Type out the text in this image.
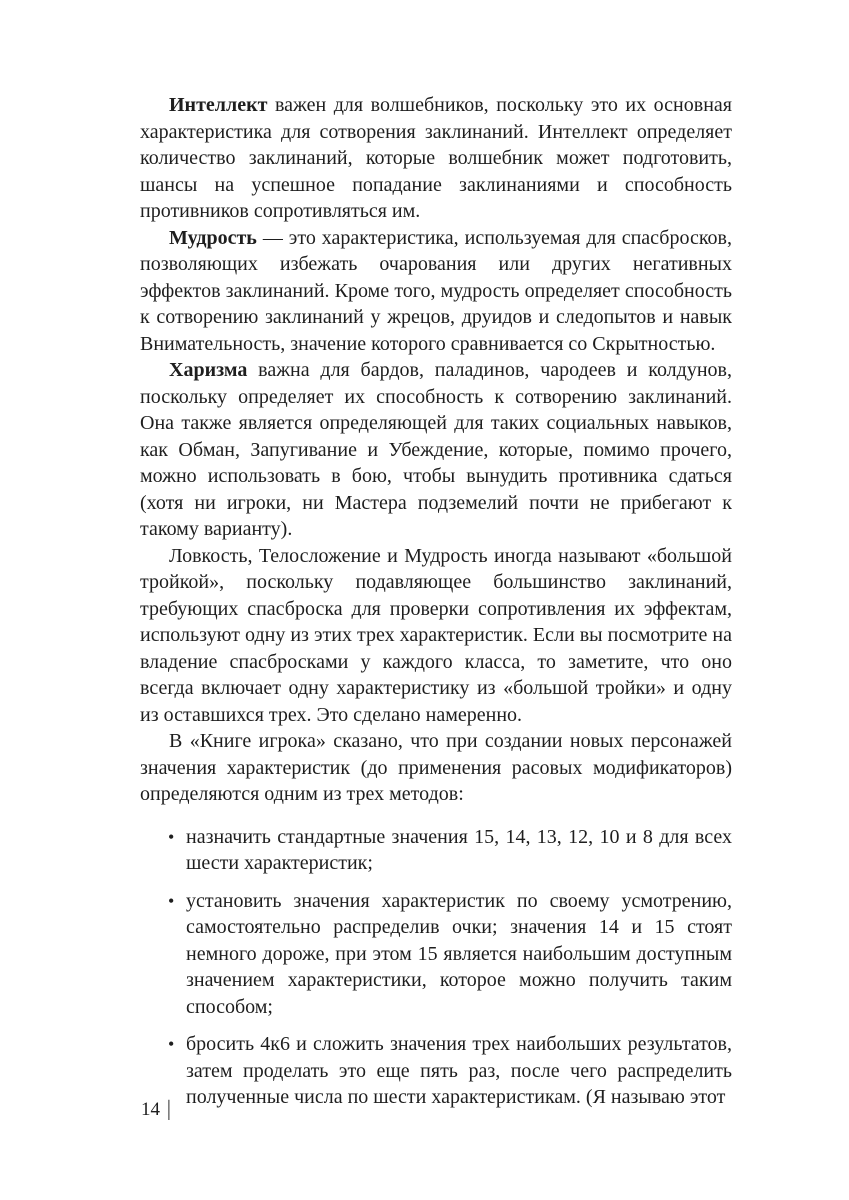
Интеллект важен для волшебников, поскольку это их основная характеристика для сотворения заклинаний. Интеллект определяет количество заклинаний, которые волшебник может подготовить, шансы на успешное попадание заклинаниями и способность противников сопротивляться им.

Мудрость — это характеристика, используемая для спасбросков, позволяющих избежать очарования или других негативных эффектов заклинаний. Кроме того, мудрость определяет способность к сотворению заклинаний у жрецов, друидов и следопытов и навык Внимательность, значение которого сравнивается со Скрытностью.

Харизма важна для бардов, паладинов, чародеев и колдунов, поскольку определяет их способность к сотворению заклинаний. Она также является определяющей для таких социальных навыков, как Обман, Запугивание и Убеждение, которые, помимо прочего, можно использовать в бою, чтобы вынудить противника сдаться (хотя ни игроки, ни Мастера подземелий почти не прибегают к такому варианту).

Ловкость, Телосложение и Мудрость иногда называют «большой тройкой», поскольку подавляющее большинство заклинаний, требующих спасброска для проверки сопротивления их эффектам, используют одну из этих трех характеристик. Если вы посмотрите на владение спасбросками у каждого класса, то заметите, что оно всегда включает одну характеристику из «большой тройки» и одну из оставшихся трех. Это сделано намеренно.

В «Книге игрока» сказано, что при создании новых персонажей значения характеристик (до применения расовых модификаторов) определяются одним из трех методов:

• назначить стандартные значения 15, 14, 13, 12, 10 и 8 для всех шести характеристик;
• установить значения характеристик по своему усмотрению, самостоятельно распределив очки; значения 14 и 15 стоят немного дороже, при этом 15 является наибольшим доступным значением характеристики, которое можно получить таким способом;
• бросить 4к6 и сложить значения трех наибольших результатов, затем проделать это еще пять раз, после чего распределить полученные числа по шести характеристикам. (Я называю этот
14 |
